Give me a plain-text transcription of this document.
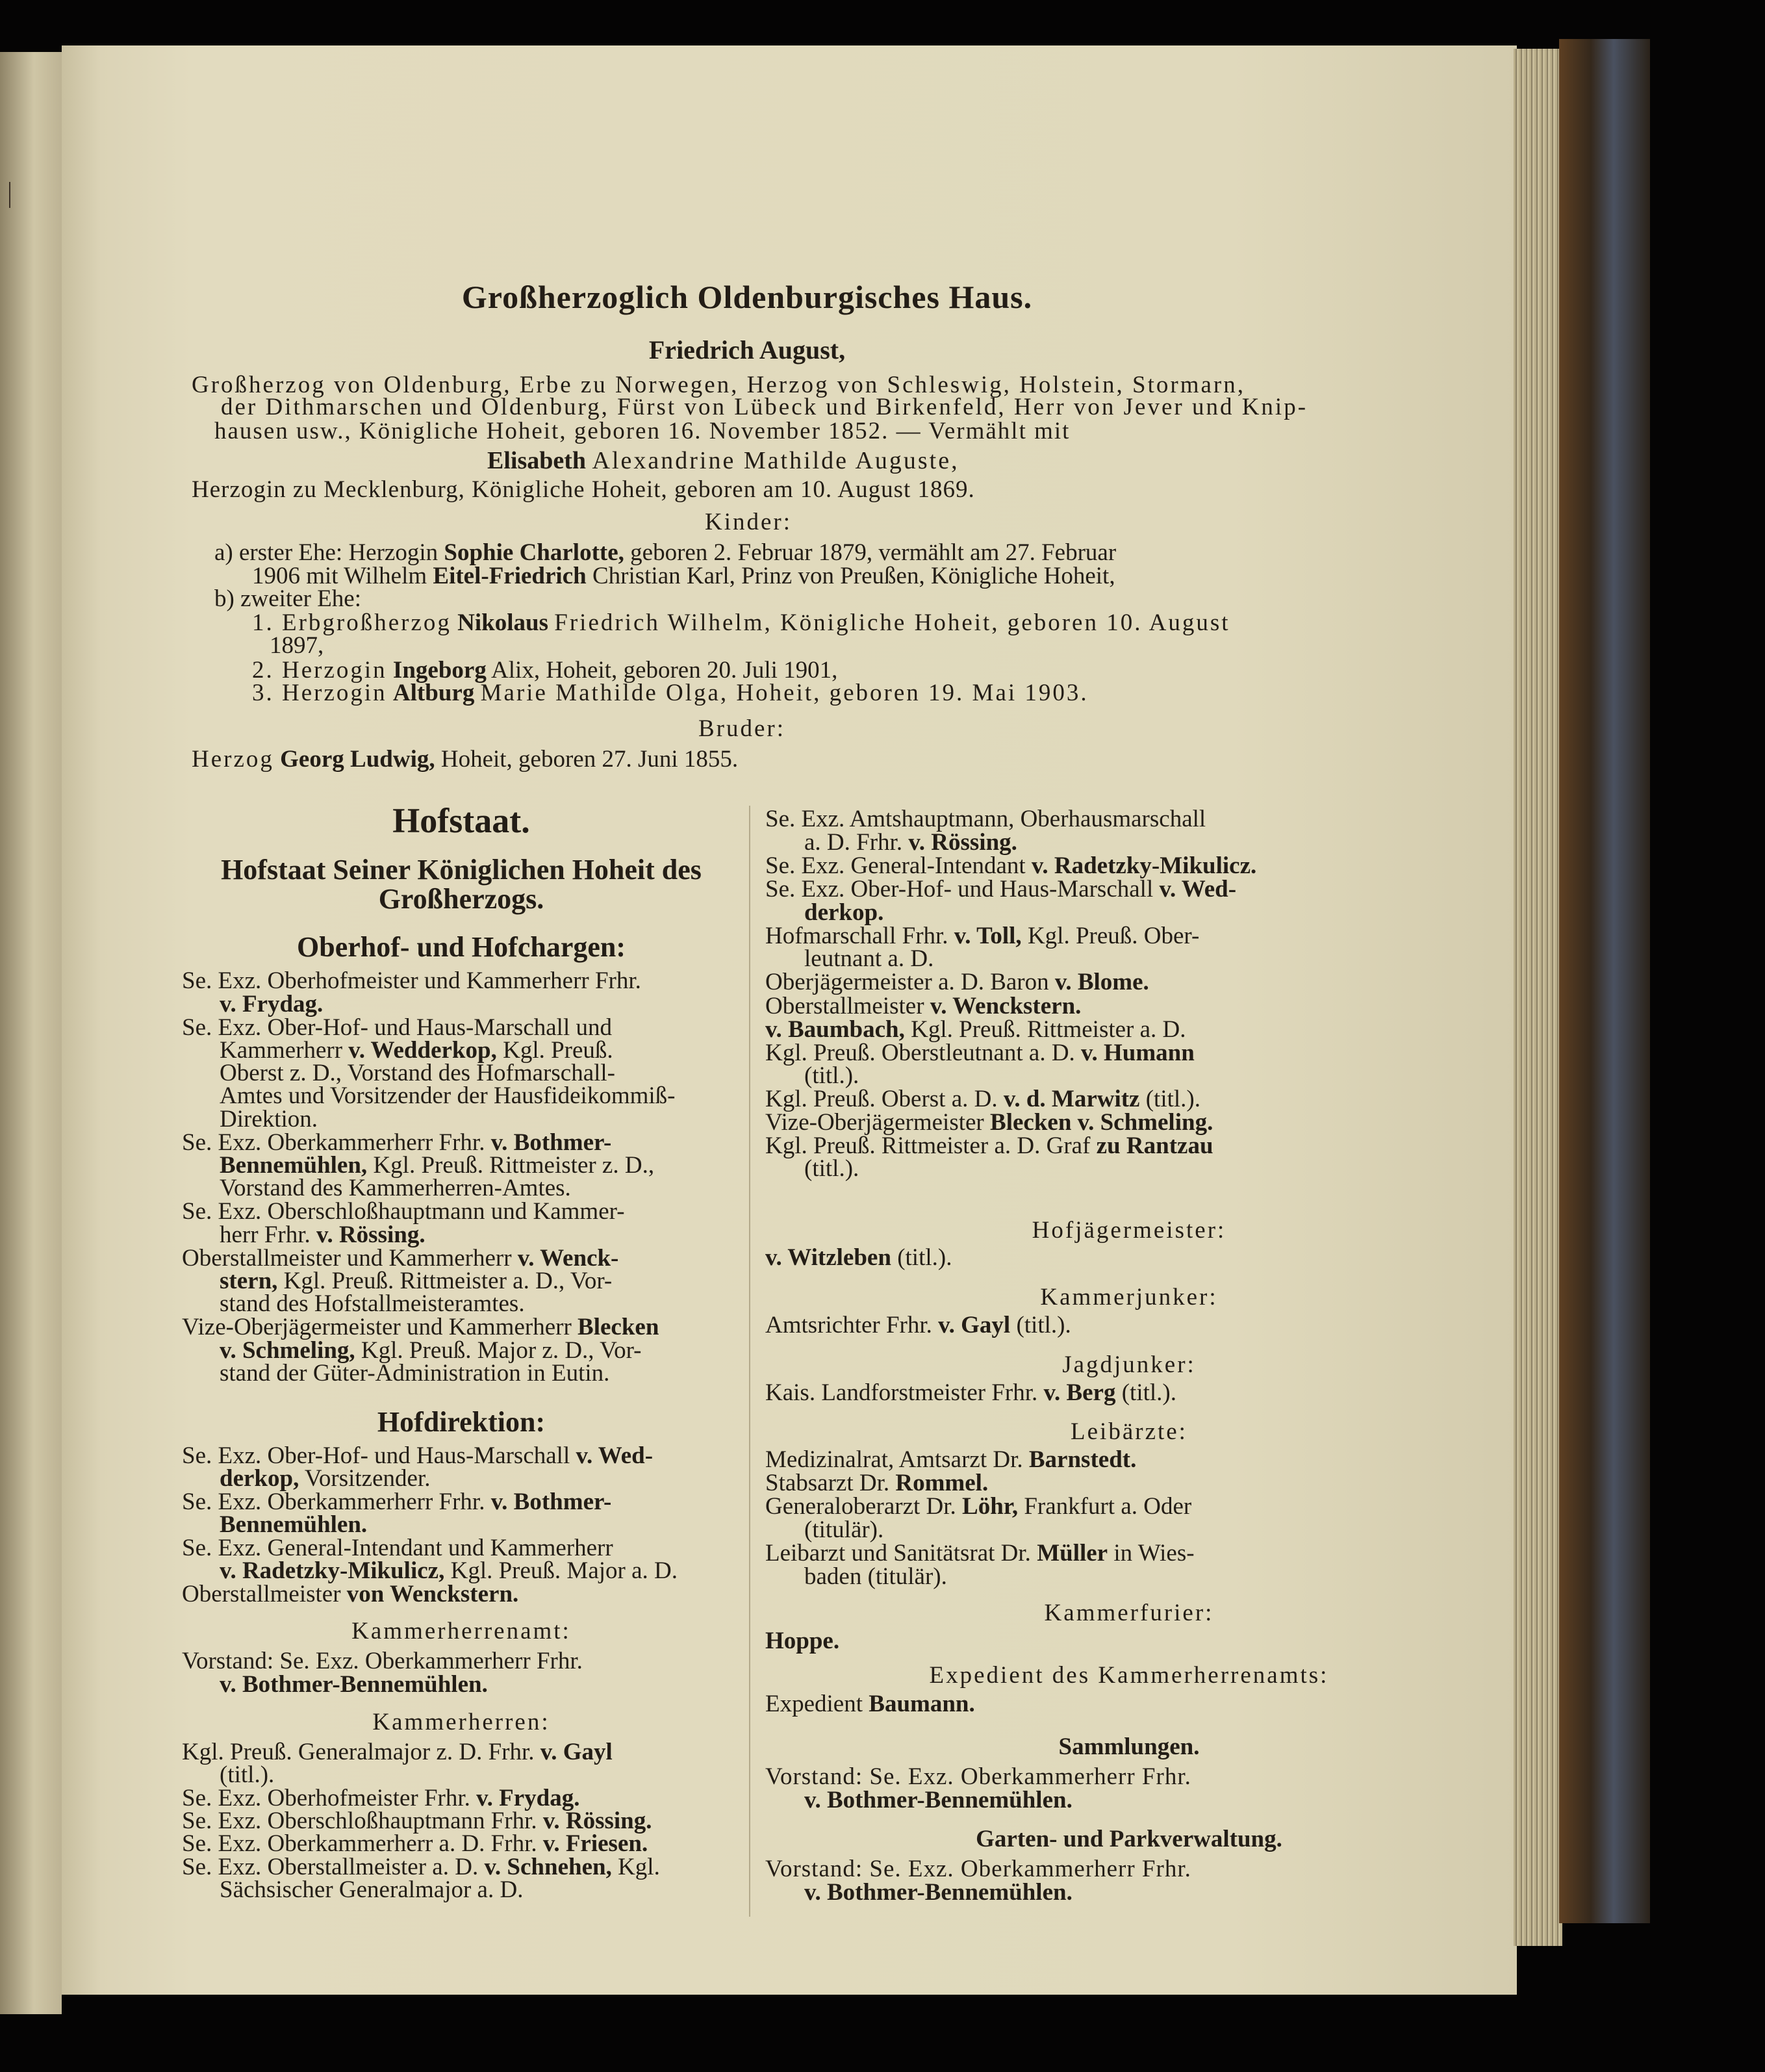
Großherzoglich Oldenburgisches Haus.
Friedrich August,
Großherzog von Oldenburg, Erbe zu Norwegen, Herzog von Schleswig, Holstein, Stormarn,
der Dithmarschen und Oldenburg, Fürst von Lübeck und Birkenfeld, Herr von Jever und Knip-
hausen usw., Königliche Hoheit, geboren 16. November 1852. — Vermählt mit
Elisabeth Alexandrine Mathilde Auguste,
Herzogin zu Mecklenburg, Königliche Hoheit, geboren am 10. August 1869.
Kinder:
a) erster Ehe: Herzogin Sophie Charlotte, geboren 2. Februar 1879, vermählt am 27. Februar
1906 mit Wilhelm Eitel-Friedrich Christian Karl, Prinz von Preußen, Königliche Hoheit,
b) zweiter Ehe:
1. Erbgroßherzog Nikolaus Friedrich Wilhelm, Königliche Hoheit, geboren 10. August
1897,
2. Herzogin Ingeborg Alix, Hoheit, geboren 20. Juli 1901,
3. Herzogin Altburg Marie Mathilde Olga, Hoheit, geboren 19. Mai 1903.
Bruder:
Herzog Georg Ludwig, Hoheit, geboren 27. Juni 1855.
Hofstaat.
Hofstaat Seiner Königlichen Hoheit des
Großherzogs.
Oberhof- und Hofchargen:
Se. Exz. Oberhofmeister und Kammerherr Frhr.
v. Frydag.
Se. Exz. Ober-Hof- und Haus-Marschall und
Kammerherr v. Wedderkop, Kgl. Preuß.
Oberst z. D., Vorstand des Hofmarschall-
Amtes und Vorsitzender der Hausfideikommiß-
Direktion.
Se. Exz. Oberkammerherr Frhr. v. Bothmer-
Bennemühlen, Kgl. Preuß. Rittmeister z. D.,
Vorstand des Kammerherren-Amtes.
Se. Exz. Oberschloßhauptmann und Kammer-
herr Frhr. v. Rössing.
Oberstallmeister und Kammerherr v. Wenck-
stern, Kgl. Preuß. Rittmeister a. D., Vor-
stand des Hofstallmeisteramtes.
Vize-Oberjägermeister und Kammerherr Blecken
v. Schmeling, Kgl. Preuß. Major z. D., Vor-
stand der Güter-Administration in Eutin.
Hofdirektion:
Se. Exz. Ober-Hof- und Haus-Marschall v. Wed-
derkop, Vorsitzender.
Se. Exz. Oberkammerherr Frhr. v. Bothmer-
Bennemühlen.
Se. Exz. General-Intendant und Kammerherr
v. Radetzky-Mikulicz, Kgl. Preuß. Major a. D.
Oberstallmeister von Wenckstern.
Kammerherrenamt:
Vorstand: Se. Exz. Oberkammerherr Frhr.
v. Bothmer-Bennemühlen.
Kammerherren:
Kgl. Preuß. Generalmajor z. D. Frhr. v. Gayl
(titl.).
Se. Exz. Oberhofmeister Frhr. v. Frydag.
Se. Exz. Oberschloßhauptmann Frhr. v. Rössing.
Se. Exz. Oberkammerherr a. D. Frhr. v. Friesen.
Se. Exz. Oberstallmeister a. D. v. Schnehen, Kgl.
Sächsischer Generalmajor a. D.
Se. Exz. Amtshauptmann, Oberhausmarschall
a. D. Frhr. v. Rössing.
Se. Exz. General-Intendant v. Radetzky-Mikulicz.
Se. Exz. Ober-Hof- und Haus-Marschall v. Wed-
derkop.
Hofmarschall Frhr. v. Toll, Kgl. Preuß. Ober-
leutnant a. D.
Oberjägermeister a. D. Baron v. Blome.
Oberstallmeister v. Wenckstern.
v. Baumbach, Kgl. Preuß. Rittmeister a. D.
Kgl. Preuß. Oberstleutnant a. D. v. Humann
(titl.).
Kgl. Preuß. Oberst a. D. v. d. Marwitz (titl.).
Vize-Oberjägermeister Blecken v. Schmeling.
Kgl. Preuß. Rittmeister a. D. Graf zu Rantzau
(titl.).
Hofjägermeister:
v. Witzleben (titl.).
Kammerjunker:
Amtsrichter Frhr. v. Gayl (titl.).
Jagdjunker:
Kais. Landforstmeister Frhr. v. Berg (titl.).
Leibärzte:
Medizinalrat, Amtsarzt Dr. Barnstedt.
Stabsarzt Dr. Rommel.
Generaloberarzt Dr. Löhr, Frankfurt a. Oder
(titulär).
Leibarzt und Sanitätsrat Dr. Müller in Wies-
baden (titulär).
Kammerfurier:
Hoppe.
Expedient des Kammerherrenamts:
Expedient Baumann.
Sammlungen.
Vorstand: Se. Exz. Oberkammerherr Frhr.
v. Bothmer-Bennemühlen.
Garten- und Parkverwaltung.
Vorstand: Se. Exz. Oberkammerherr Frhr.
v. Bothmer-Bennemühlen.
